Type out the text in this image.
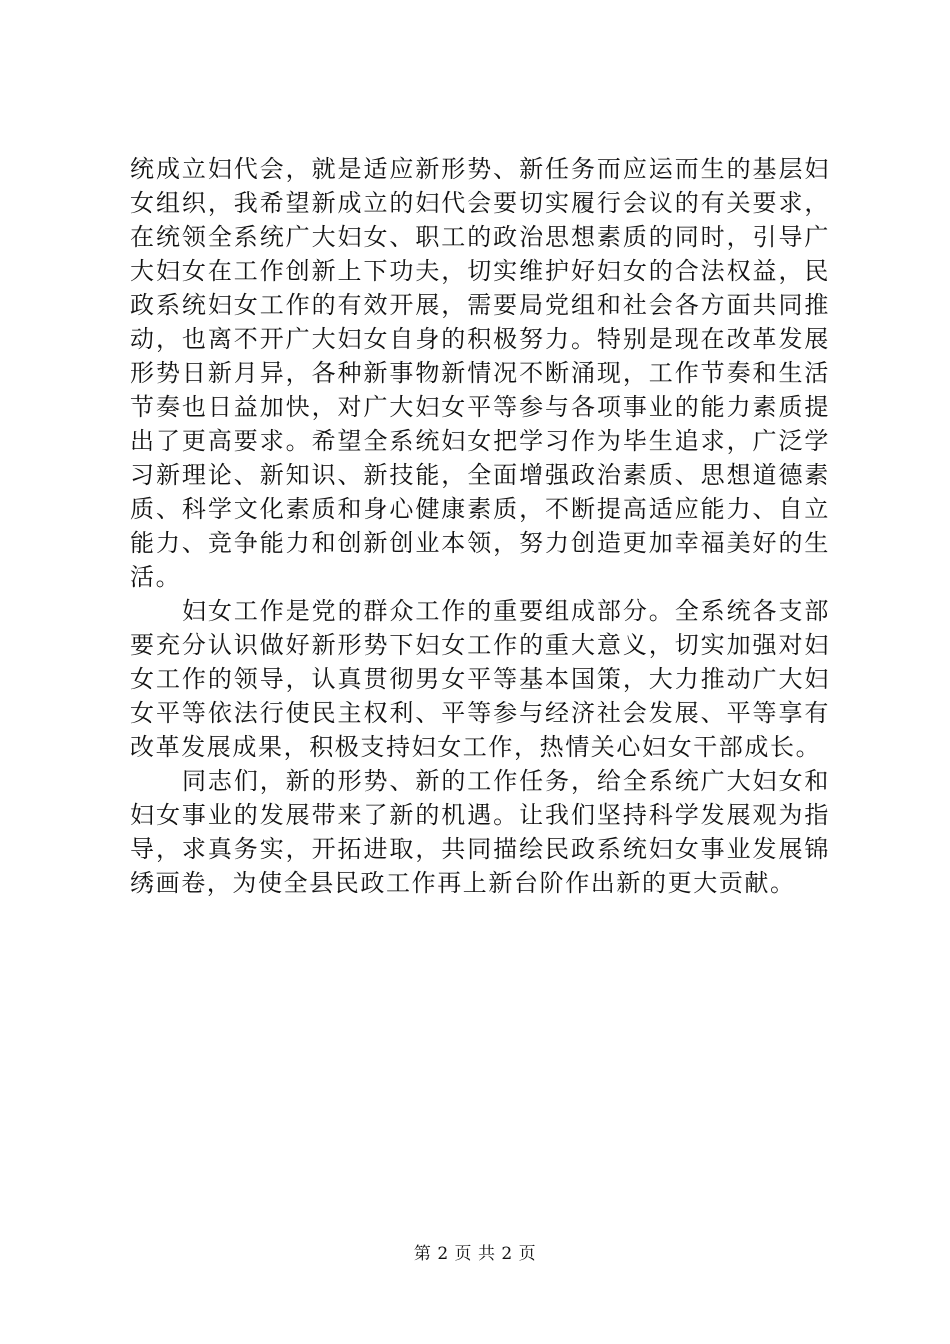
统成立妇代会，就是适应新形势、新任务而应运而生的基层妇女组织，我希望新成立的妇代会要切实履行会议的有关要求，在统领全系统广大妇女、职工的政治思想素质的同时，引导广大妇女在工作创新上下功夫，切实维护好妇女的合法权益，民政系统妇女工作的有效开展，需要局党组和社会各方面共同推动，也离不开广大妇女自身的积极努力。特别是现在改革发展形势日新月异，各种新事物新情况不断涌现，工作节奏和生活节奏也日益加快，对广大妇女平等参与各项事业的能力素质提出了更高要求。希望全系统妇女把学习作为毕生追求，广泛学习新理论、新知识、新技能，全面增强政治素质、思想道德素质、科学文化素质和身心健康素质，不断提高适应能力、自立能力、竞争能力和创新创业本领，努力创造更加幸福美好的生活。

妇女工作是党的群众工作的重要组成部分。全系统各支部要充分认识做好新形势下妇女工作的重大意义，切实加强对妇女工作的领导，认真贯彻男女平等基本国策，大力推动广大妇女平等依法行使民主权利、平等参与经济社会发展、平等享有改革发展成果，积极支持妇女工作，热情关心妇女干部成长。

同志们，新的形势、新的工作任务，给全系统广大妇女和妇女事业的发展带来了新的机遇。让我们坚持科学发展观为指导，求真务实，开拓进取，共同描绘民政系统妇女事业发展锦绣画卷，为使全县民政工作再上新台阶作出新的更大贡献。

第 2 页 共 2 页
